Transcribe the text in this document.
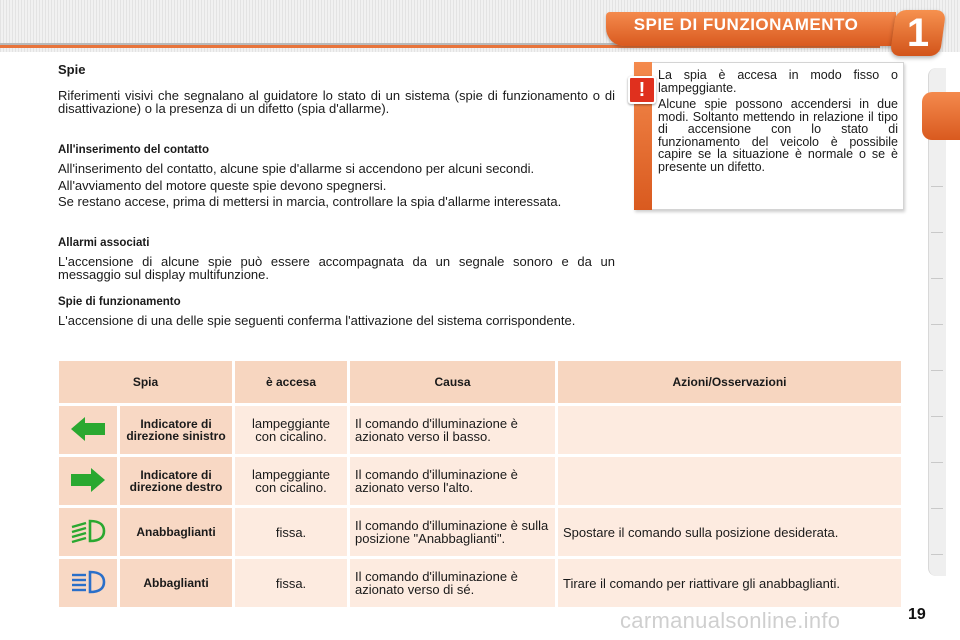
SPIE DI FUNZIONAMENTO	1
Spie
Riferimenti visivi che segnalano al guidatore lo stato di un sistema (spie di funzionamento o di disattivazione) o la presenza di un difetto (spia d'allarme).
All'inserimento del contatto
All'inserimento del contatto, alcune spie d'allarme si accendono per alcuni secondi.
All'avviamento del motore queste spie devono spegnersi.
Se restano accese, prima di mettersi in marcia, controllare la spia d'allarme interessata.
Allarmi associati
L'accensione di alcune spie può essere accompagnata da un segnale sonoro e da un messaggio sul display multifunzione.
Spie di funzionamento
L'accensione di una delle spie seguenti conferma l'attivazione del sistema corrispondente.
!
La spia è accesa in modo fisso o lampeggiante.
Alcune spie possono accendersi in due modi. Soltanto mettendo in relazione il tipo di accensione con lo stato di funzionamento del veicolo è possibile capire se la situazione è normale o se è presente un difetto.
Spia		è accesa	Causa	Azioni/Osservazioni
	Indicatore di direzione sinistro	lampeggiante con cicalino.	Il comando d'illuminazione è azionato verso il basso.	
	Indicatore di direzione destro	lampeggiante con cicalino.	Il comando d'illuminazione è azionato verso l'alto.	
	Anabbaglianti	fissa.	Il comando d'illuminazione è sulla posizione "Anabbaglianti".	Spostare il comando sulla posizione desiderata.
	Abbaglianti	fissa.	Il comando d'illuminazione è azionato verso di sé.	Tirare il comando per riattivare gli anabbaglianti.
carmanualsonline.info	19
